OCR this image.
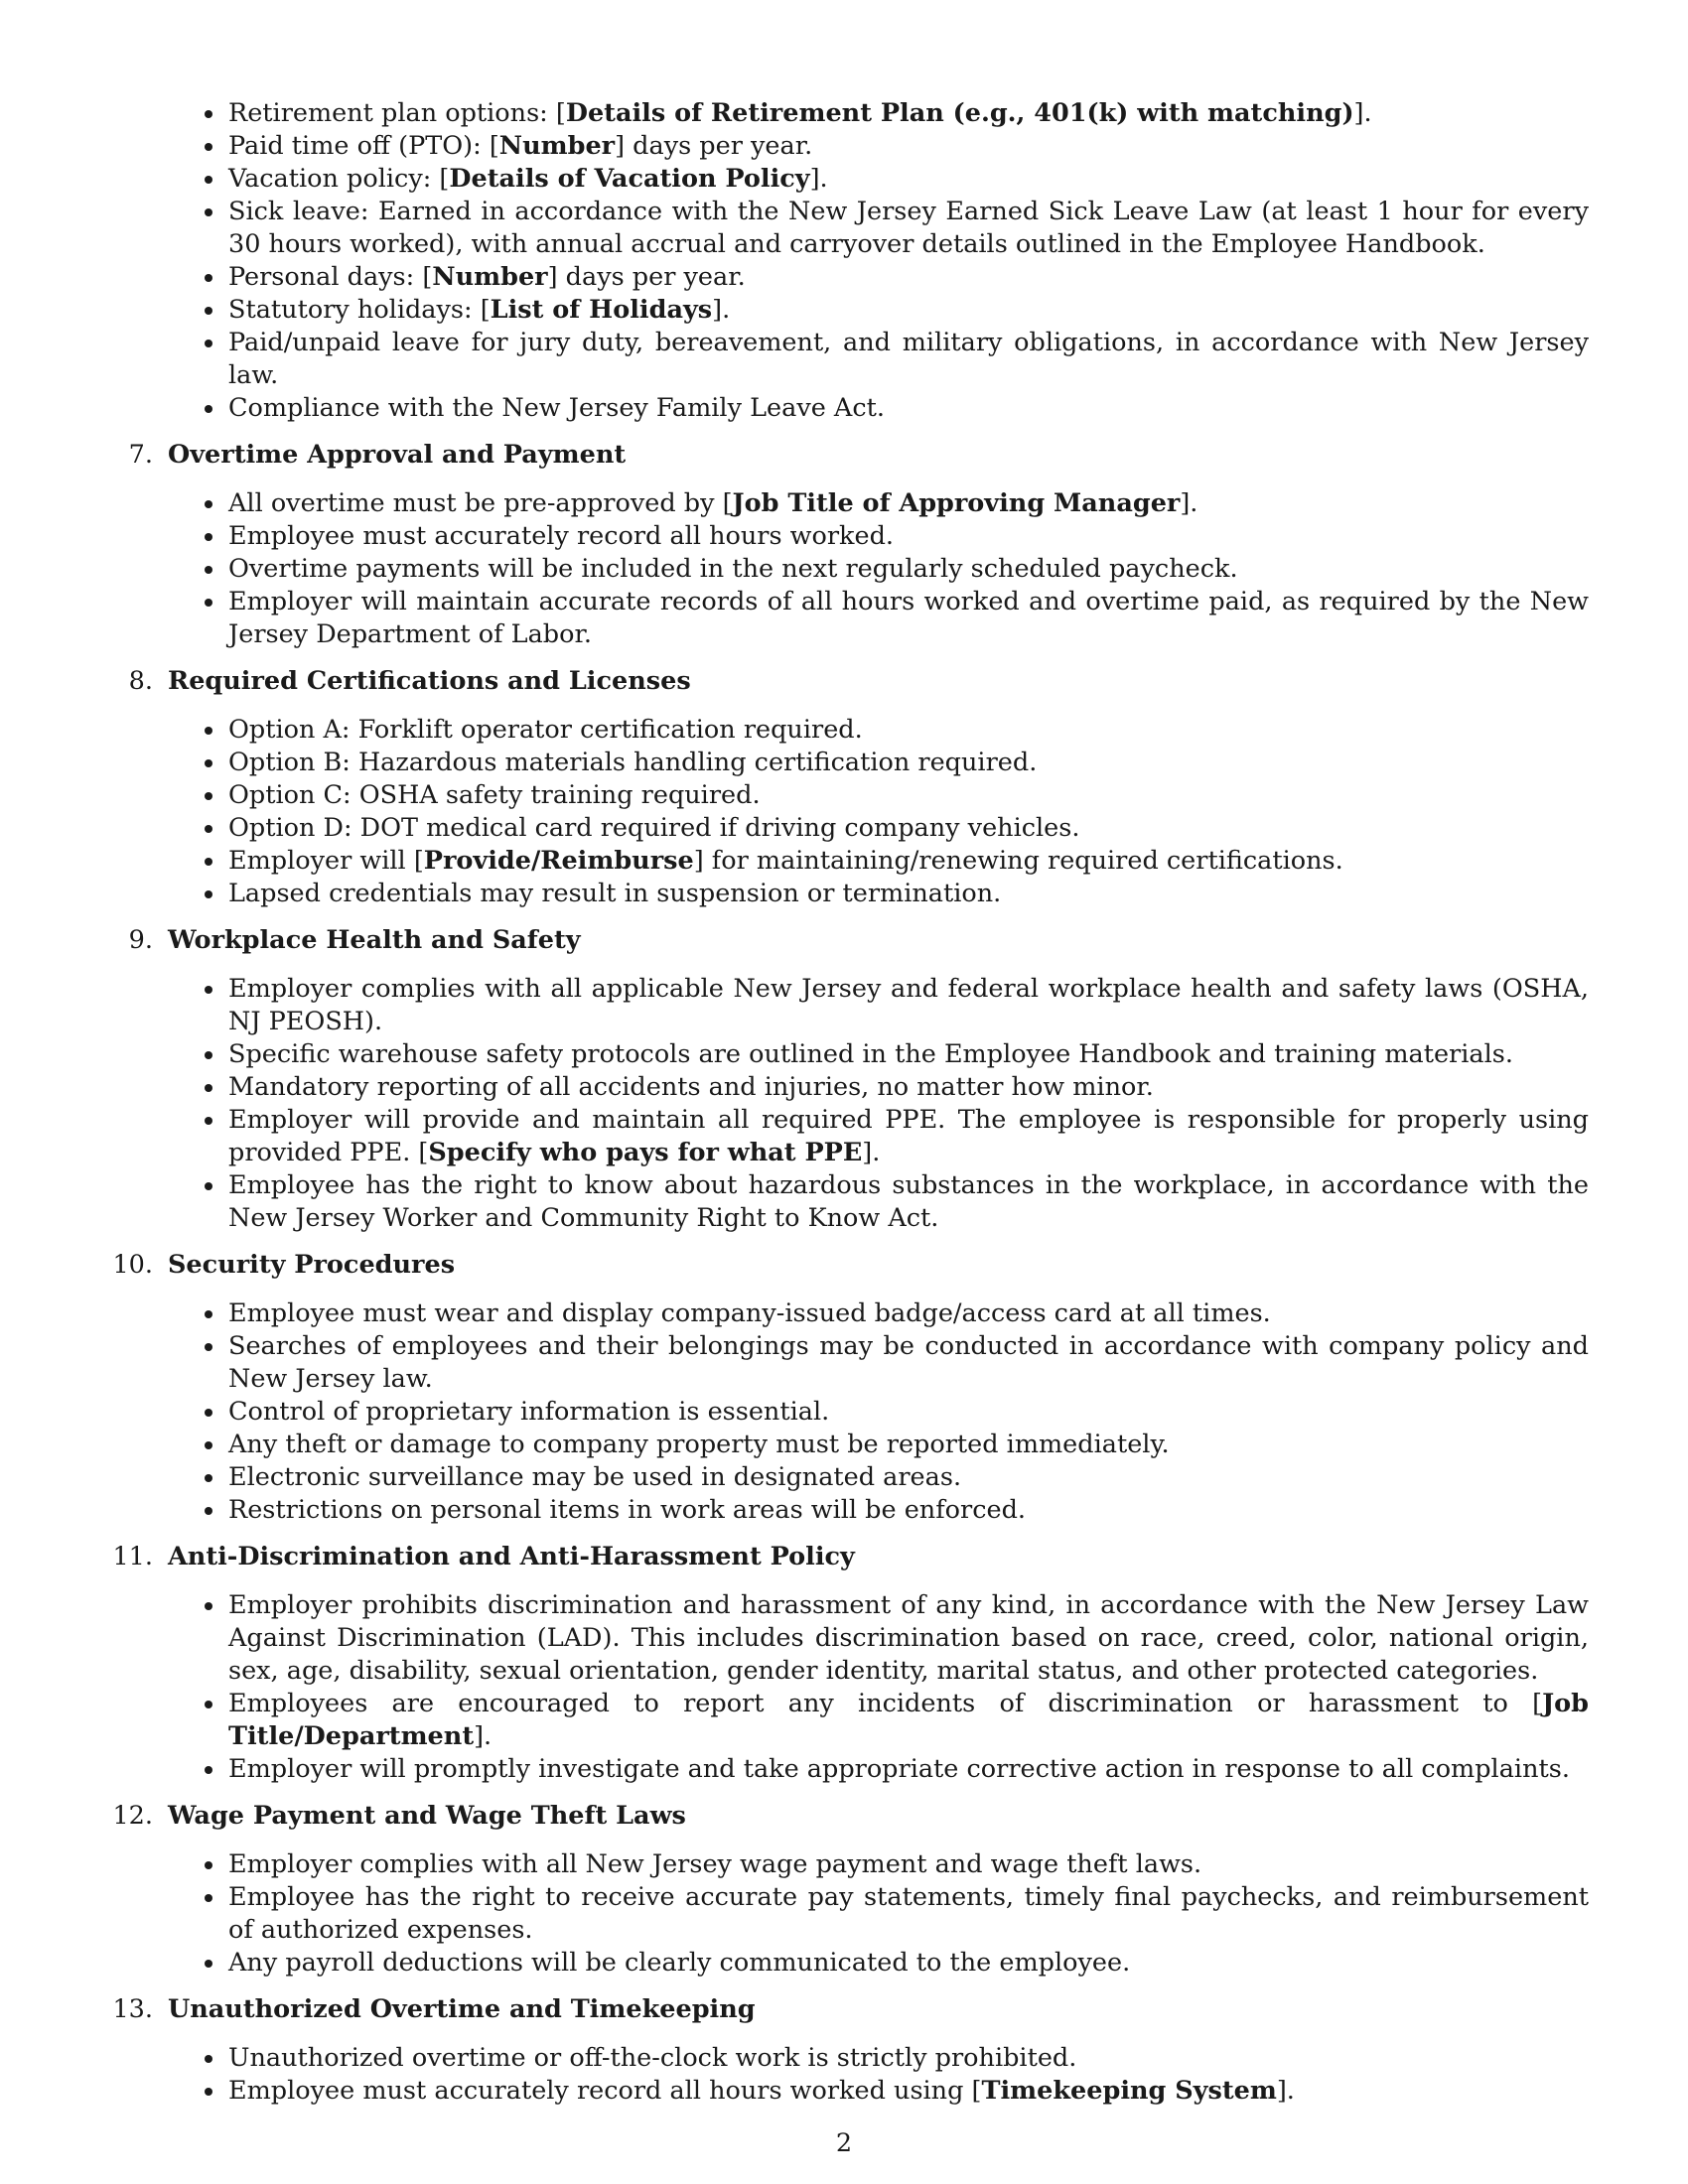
Retirement plan options: [Details of Retirement Plan (e.g., 401(k) with matching)].
Paid time off (PTO): [Number] days per year.
Vacation policy: [Details of Vacation Policy].
Sick leave: Earned in accordance with the New Jersey Earned Sick Leave Law (at least 1 hour for every 30 hours worked), with annual accrual and carryover details outlined in the Employee Handbook.
Personal days: [Number] days per year.
Statutory holidays: [List of Holidays].
Paid/unpaid leave for jury duty, bereavement, and military obligations, in accordance with New Jersey law.
Compliance with the New Jersey Family Leave Act.
7. Overtime Approval and Payment
All overtime must be pre-approved by [Job Title of Approving Manager].
Employee must accurately record all hours worked.
Overtime payments will be included in the next regularly scheduled paycheck.
Employer will maintain accurate records of all hours worked and overtime paid, as required by the New Jersey Department of Labor.
8. Required Certifications and Licenses
Option A: Forklift operator certification required.
Option B: Hazardous materials handling certification required.
Option C: OSHA safety training required.
Option D: DOT medical card required if driving company vehicles.
Employer will [Provide/Reimburse] for maintaining/renewing required certifications.
Lapsed credentials may result in suspension or termination.
9. Workplace Health and Safety
Employer complies with all applicable New Jersey and federal workplace health and safety laws (OSHA, NJ PEOSH).
Specific warehouse safety protocols are outlined in the Employee Handbook and training materials.
Mandatory reporting of all accidents and injuries, no matter how minor.
Employer will provide and maintain all required PPE. The employee is responsible for properly using provided PPE. [Specify who pays for what PPE].
Employee has the right to know about hazardous substances in the workplace, in accordance with the New Jersey Worker and Community Right to Know Act.
10. Security Procedures
Employee must wear and display company-issued badge/access card at all times.
Searches of employees and their belongings may be conducted in accordance with company policy and New Jersey law.
Control of proprietary information is essential.
Any theft or damage to company property must be reported immediately.
Electronic surveillance may be used in designated areas.
Restrictions on personal items in work areas will be enforced.
11. Anti-Discrimination and Anti-Harassment Policy
Employer prohibits discrimination and harassment of any kind, in accordance with the New Jersey Law Against Discrimination (LAD). This includes discrimination based on race, creed, color, national origin, sex, age, disability, sexual orientation, gender identity, marital status, and other protected categories.
Employees are encouraged to report any incidents of discrimination or harassment to [Job Title/Department].
Employer will promptly investigate and take appropriate corrective action in response to all complaints.
12. Wage Payment and Wage Theft Laws
Employer complies with all New Jersey wage payment and wage theft laws.
Employee has the right to receive accurate pay statements, timely final paychecks, and reimbursement of authorized expenses.
Any payroll deductions will be clearly communicated to the employee.
13. Unauthorized Overtime and Timekeeping
Unauthorized overtime or off-the-clock work is strictly prohibited.
Employee must accurately record all hours worked using [Timekeeping System].
2
